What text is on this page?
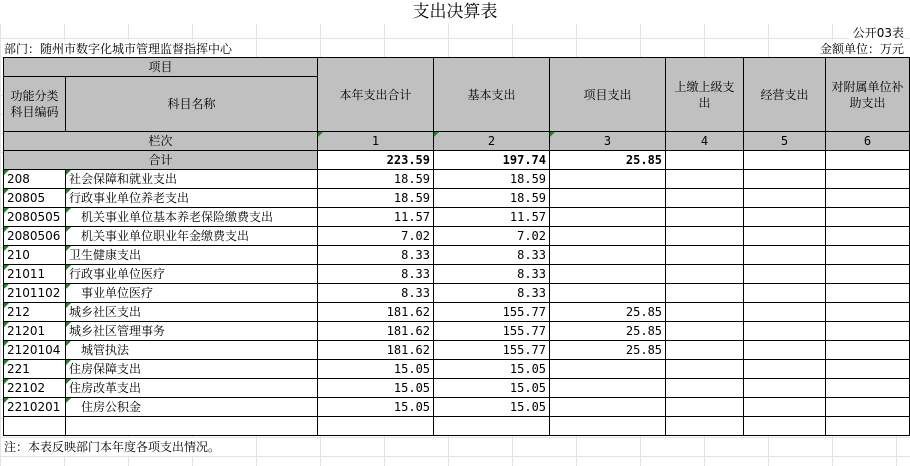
支出决算表
公开03表
部门：随州市数字化城市管理监督指挥中心	金额单位：万元
项目		本年支出合计	基本支出	项目支出	上缴上级支出	经营支出	对附属单位补助支出
功能分类科目编码	科目名称						
栏次		1	2	3	4	5	6
合计		223.59	197.74	25.85			
208	社会保障和就业支出	18.59	18.59				
20805	行政事业单位养老支出	18.59	18.59				
2080505	　机关事业单位基本养老保险缴费支出	11.57	11.57				
2080506	　机关事业单位职业年金缴费支出	7.02	7.02				
210	卫生健康支出	8.33	8.33				
21011	行政事业单位医疗	8.33	8.33				
2101102	　事业单位医疗	8.33	8.33				
212	城乡社区支出	181.62	155.77	25.85			
21201	城乡社区管理事务	181.62	155.77	25.85			
2120104	　城管执法	181.62	155.77	25.85			
221	住房保障支出	15.05	15.05				
22102	住房改革支出	15.05	15.05				
2210201	　住房公积金	15.05	15.05				

注：本表反映部门本年度各项支出情况。
